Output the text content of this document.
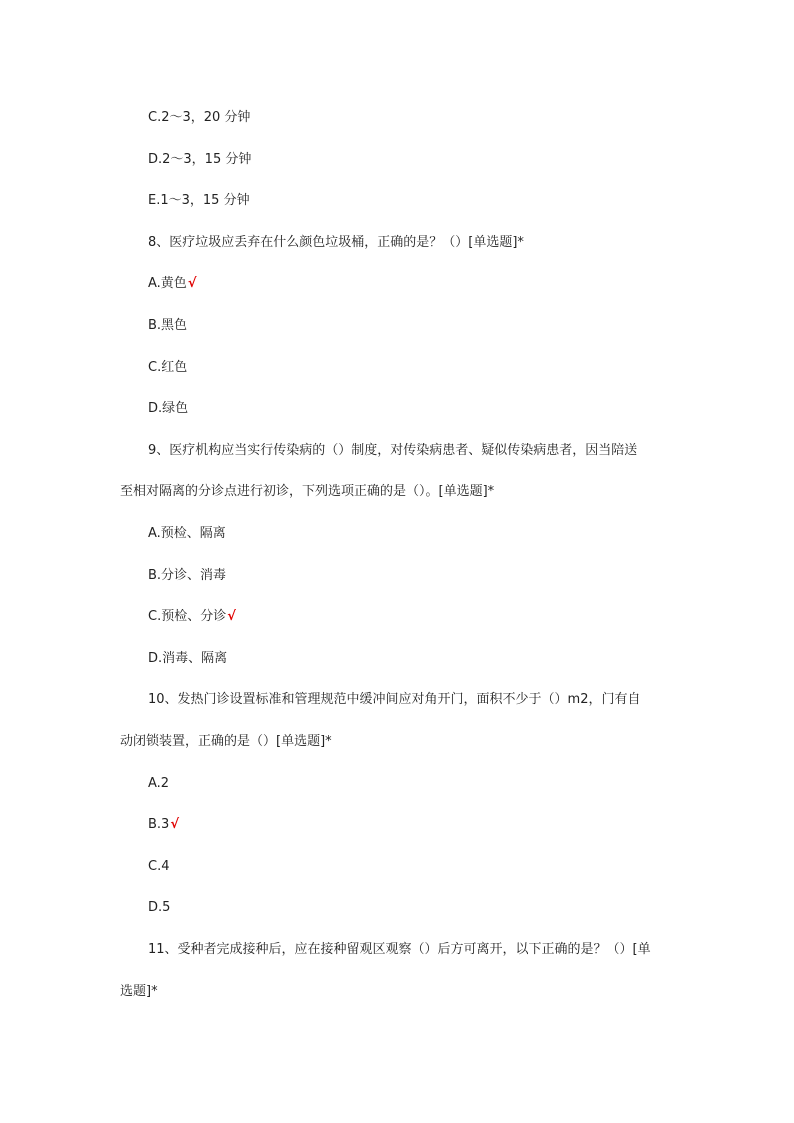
C.2～3，20 分钟
D.2～3，15 分钟
E.1～3，15 分钟
8、医疗垃圾应丢弃在什么颜色垃圾桶，正确的是？（）[单选题]*
A.黄色√
B.黑色
C.红色
D.绿色
9、医疗机构应当实行传染病的（）制度，对传染病患者、疑似传染病患者，因当陪送
至相对隔离的分诊点进行初诊，下列选项正确的是（）。[单选题]*
A.预检、隔离
B.分诊、消毒
C.预检、分诊√
D.消毒、隔离
10、发热门诊设置标准和管理规范中缓冲间应对角开门，面积不少于（）m2，门有自
动闭锁装置，正确的是（）[单选题]*
A.2
B.3√
C.4
D.5
11、受种者完成接种后，应在接种留观区观察（）后方可离开，以下正确的是？（）[单
选题]*
